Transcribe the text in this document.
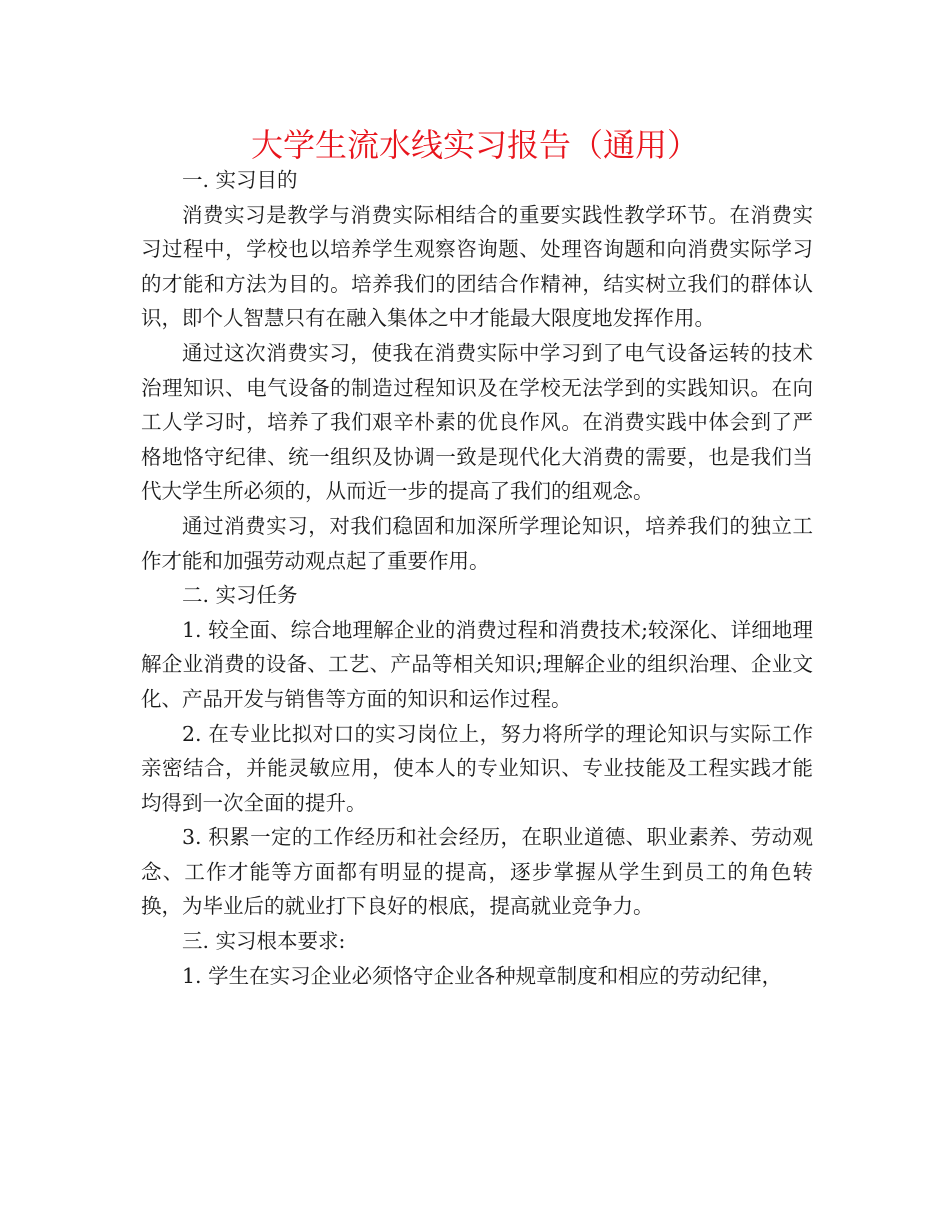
大学生流水线实习报告（通用）

一. 实习目的

消费实习是教学与消费实际相结合的重要实践性教学环节。在消费实习过程中，学校也以培养学生观察咨询题、处理咨询题和向消费实际学习的才能和方法为目的。培养我们的团结合作精神，结实树立我们的群体认识，即个人智慧只有在融入集体之中才能最大限度地发挥作用。

通过这次消费实习，使我在消费实际中学习到了电气设备运转的技术治理知识、电气设备的制造过程知识及在学校无法学到的实践知识。在向工人学习时，培养了我们艰辛朴素的优良作风。在消费实践中体会到了严格地恪守纪律、统一组织及协调一致是现代化大消费的需要，也是我们当代大学生所必须的，从而近一步的提高了我们的组观念。

通过消费实习，对我们稳固和加深所学理论知识，培养我们的独立工作才能和加强劳动观点起了重要作用。

二. 实习任务

1. 较全面、综合地理解企业的消费过程和消费技术;较深化、详细地理解企业消费的设备、工艺、产品等相关知识;理解企业的组织治理、企业文化、产品开发与销售等方面的知识和运作过程。

2. 在专业比拟对口的实习岗位上，努力将所学的理论知识与实际工作亲密结合，并能灵敏应用，使本人的专业知识、专业技能及工程实践才能均得到一次全面的提升。

3. 积累一定的工作经历和社会经历，在职业道德、职业素养、劳动观念、工作才能等方面都有明显的提高，逐步掌握从学生到员工的角色转换，为毕业后的就业打下良好的根底，提高就业竞争力。

三. 实习根本要求:

1. 学生在实习企业必须恪守企业各种规章制度和相应的劳动纪律，
